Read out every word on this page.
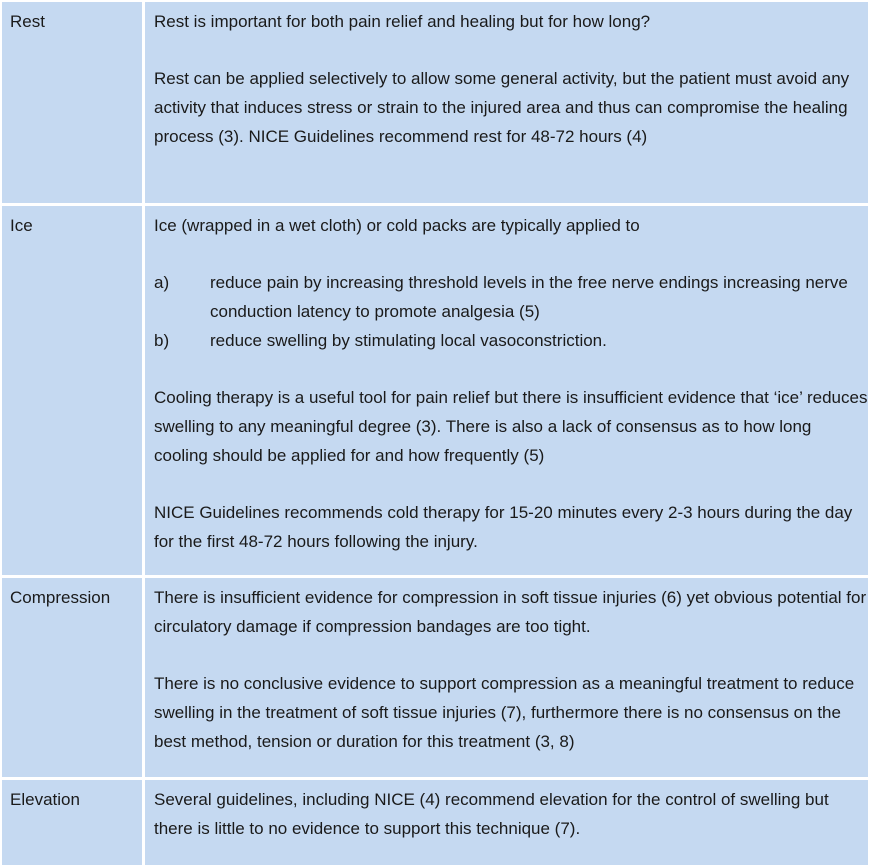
Rest	Rest is important for both pain relief and healing but for how long?

Rest can be applied selectively to allow some general activity, but the patient must avoid any activity that induces stress or strain to the injured area and thus can compromise the healing process (3). NICE Guidelines recommend rest for 48-72 hours (4)

Ice	Ice (wrapped in a wet cloth) or cold packs are typically applied to

a)	reduce pain by increasing threshold levels in the free nerve endings increasing nerve conduction latency to promote analgesia (5)
b)	reduce swelling by stimulating local vasoconstriction.

Cooling therapy is a useful tool for pain relief but there is insufficient evidence that ‘ice’ reduces swelling to any meaningful degree (3). There is also a lack of consensus as to how long cooling should be applied for and how frequently (5)

NICE Guidelines recommends cold therapy for 15-20 minutes every 2-3 hours during the day for the first 48-72 hours following the injury.

Compression	There is insufficient evidence for compression in soft tissue injuries (6) yet obvious potential for circulatory damage if compression bandages are too tight.

There is no conclusive evidence to support compression as a meaningful treatment to reduce swelling in the treatment of soft tissue injuries (7), furthermore there is no consensus on the best method, tension or duration for this treatment (3, 8)

Elevation	Several guidelines, including NICE (4) recommend elevation for the control of swelling but there is little to no evidence to support this technique (7).
